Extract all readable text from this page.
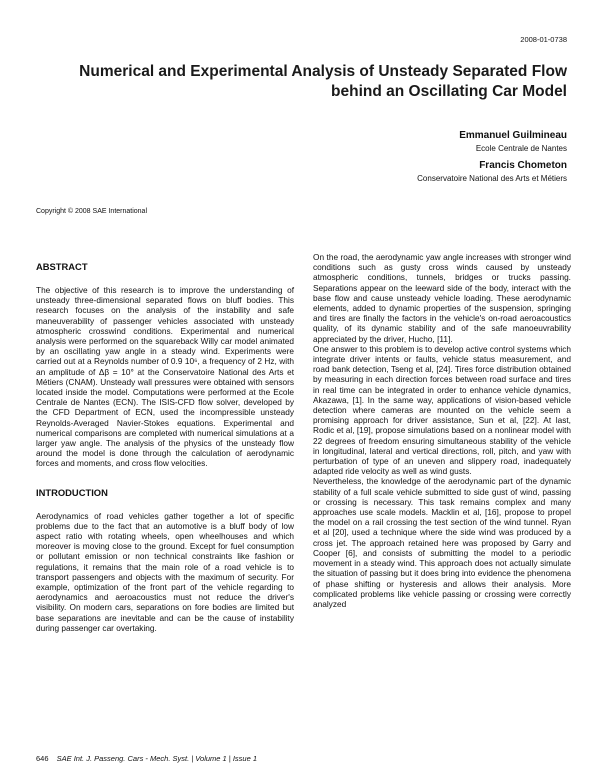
2008-01-0738
Numerical and Experimental Analysis of Unsteady Separated Flow behind an Oscillating Car Model
Emmanuel Guilmineau
Ecole Centrale de Nantes
Francis Chometon
Conservatoire National des Arts et Métiers
Copyright © 2008 SAE International
ABSTRACT

The objective of this research is to improve the understanding of unsteady three-dimensional separated flows on bluff bodies. This research focuses on the analysis of the instability and safe maneuverability of passenger vehicles associated with unsteady atmospheric crosswind conditions. Experimental and numerical analysis were performed on the squareback Willy car model animated by an oscillating yaw angle in a steady wind. Experiments were carried out at a Reynolds number of 0.9 10⁶, a frequency of 2 Hz, with an amplitude of Δβ = 10° at the Conservatoire National des Arts et Métiers (CNAM). Unsteady wall pressures were obtained with sensors located inside the model. Computations were performed at the Ecole Centrale de Nantes (ECN). The ISIS-CFD flow solver, developed by the CFD Department of ECN, used the incompressible unsteady Reynolds-Averaged Navier-Stokes equations. Experimental and numerical comparisons are completed with numerical simulations at a larger yaw angle. The analysis of the physics of the unsteady flow around the model is done through the calculation of aerodynamic forces and moments, and cross flow velocities.

INTRODUCTION

Aerodynamics of road vehicles gather together a lot of specific problems due to the fact that an automotive is a bluff body of low aspect ratio with rotating wheels, open wheelhouses and which moreover is moving close to the ground. Except for fuel consumption or pollutant emission or non technical constraints like fashion or regulations, it remains that the main role of a road vehicle is to transport passengers and objects with the maximum of security. For example, optimization of the front part of the vehicle regarding to aerodynamics and aeroacoustics must not reduce the driver's visibility. On modern cars, separations on fore bodies are limited but base separations are inevitable and can be the cause of instability during passenger car overtaking.

On the road, the aerodynamic yaw angle increases with stronger wind conditions such as gusty cross winds caused by unsteady atmospheric conditions, tunnels, bridges or trucks passing. Separations appear on the leeward side of the body, interact with the base flow and cause unsteady vehicle loading. These aerodynamic elements, added to dynamic properties of the suspension, springing and tires are finally the factors in the vehicle's on-road aeroacoustics quality, of its dynamic stability and of the safe manoeuvrability appreciated by the driver, Hucho, [11].

One answer to this problem is to develop active control systems which integrate driver intents or faults, vehicle status measurement, and road bank detection, Tseng et al, [24]. Tires force distribution obtained by measuring in each direction forces between road surface and tires in real time can be integrated in order to enhance vehicle dynamics, Akazawa, [1]. In the same way, applications of vision-based vehicle detection where cameras are mounted on the vehicle seem a promising approach for driver assistance, Sun et al, [22]. At last, Rodic et al, [19], propose simulations based on a nonlinear model with 22 degrees of freedom ensuring simultaneous stability of the vehicle in longitudinal, lateral and vertical directions, roll, pitch, and yaw with perturbation of type of an uneven and slippery road, inadequately adapted ride velocity as well as wind gusts.

Nevertheless, the knowledge of the aerodynamic part of the dynamic stability of a full scale vehicle submitted to side gust of wind, passing or crossing is necessary. This task remains complex and many approaches use scale models. Macklin et al, [16], propose to propel the model on a rail crossing the test section of the wind tunnel. Ryan et al [20], used a technique where the side wind was produced by a cross jet. The approach retained here was proposed by Garry and Cooper [6], and consists of submitting the model to a periodic movement in a steady wind. This approach does not actually simulate the situation of passing but it does bring into evidence the phenomena of phase shifting or hysteresis and allows their analysis. More complicated problems like vehicle passing or crossing were correctly analyzed

646 SAE Int. J. Passeng. Cars - Mech. Syst. | Volume 1 | Issue 1
